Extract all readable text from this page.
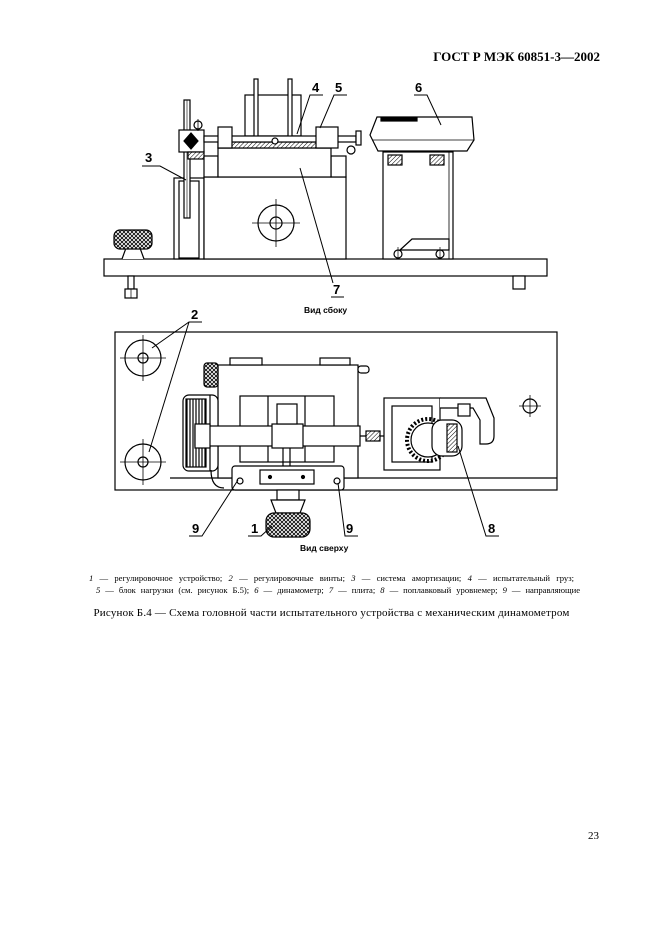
ГОСТ Р МЭК 60851-3—2002
3
4 5	6
7
Вид сбоку
2
9	1	9	8
Вид сверху
1 — регулировочное устройство; 2 — регулировочные винты; 3 — система амортизации; 4 — испытательный груз;
5 — блок нагрузки (см. рисунок Б.5); 6 — динамометр; 7 — плита; 8 — поплавковый уровнемер; 9 — направляющие
Рисунок Б.4 — Схема головной части испытательного устройства с механическим динамометром
23
